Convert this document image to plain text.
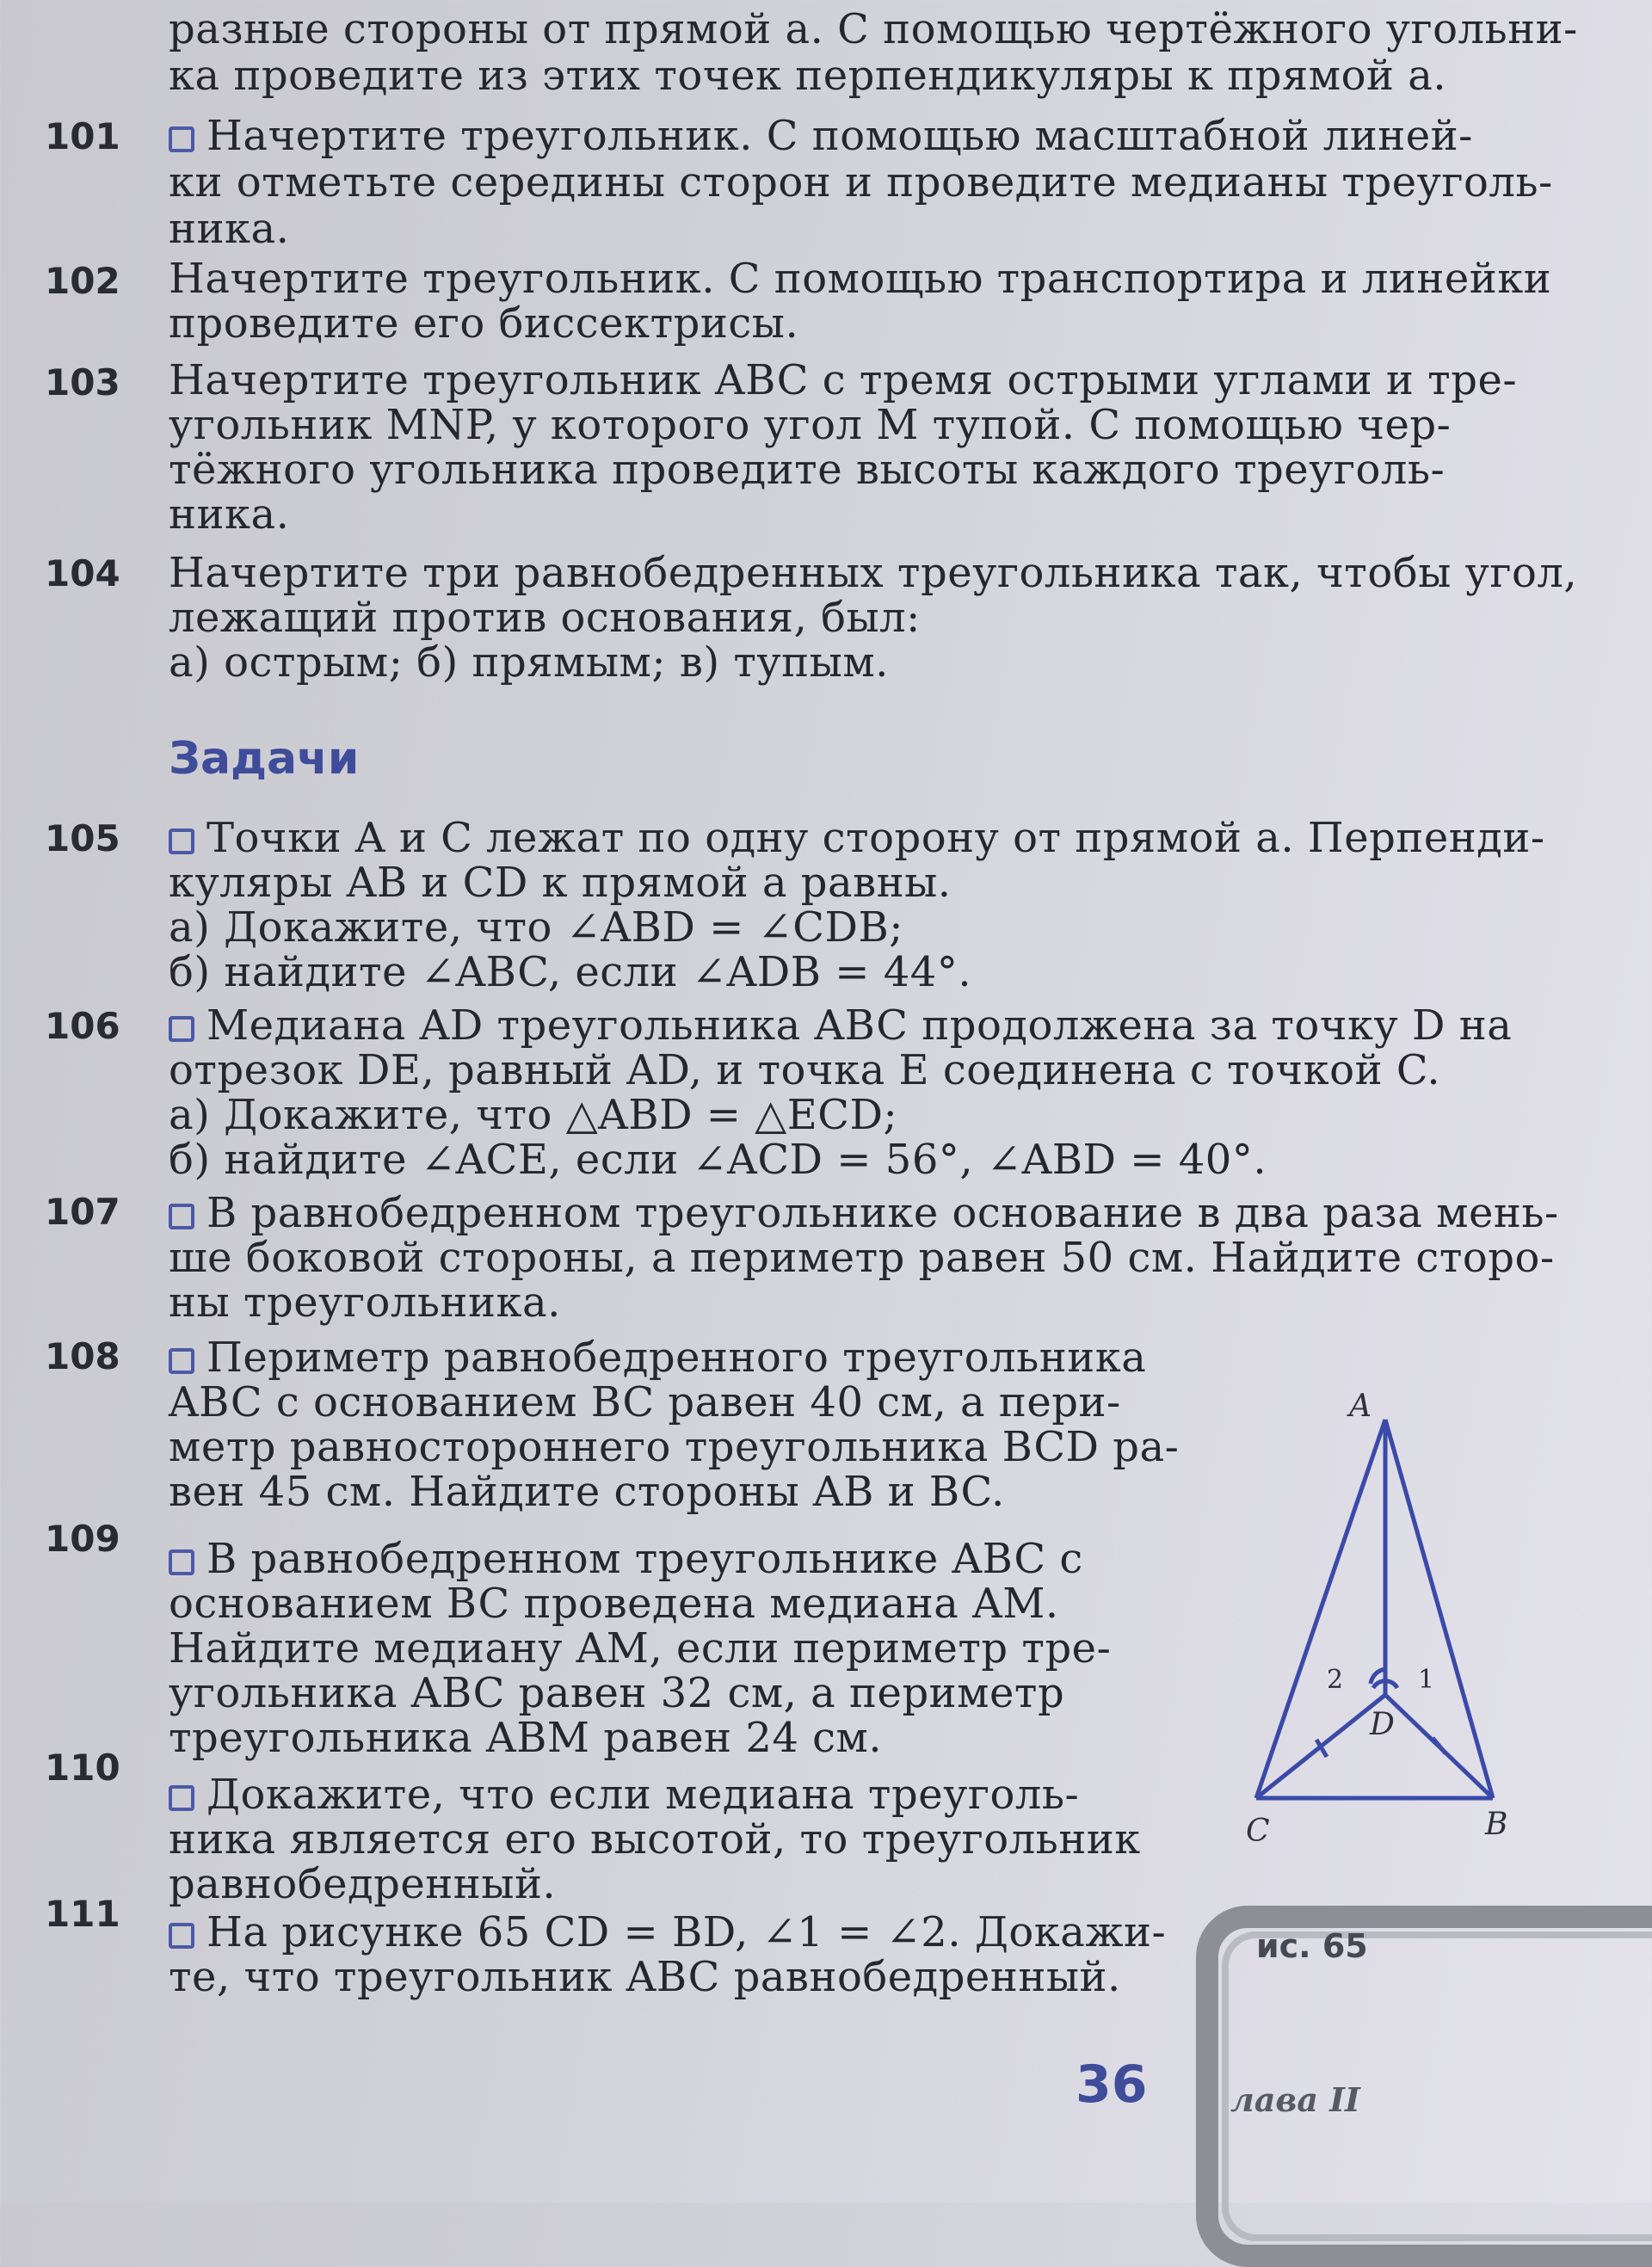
разные стороны от прямой a. С помощью чертёжного угольни-
ка проведите из этих точек перпендикуляры к прямой a.
101	Начертите треугольник. С помощью масштабной линей-
ки отметьте середины сторон и проведите медианы треуголь-
ника.
102 Начертите треугольник. С помощью транспортира и линейки
проведите его биссектрисы.
103 Начертите треугольник ABC с тремя острыми углами и тре-
угольник MNP, у которого угол M тупой. С помощью чер-
тёжного угольника проведите высоты каждого треуголь-
ника.
104 Начертите три равнобедренных треугольника так, чтобы угол,
лежащий против основания, был:
а) острым; б) прямым; в) тупым.
Задачи
105	Точки A и C лежат по одну сторону от прямой a. Перпенди-
куляры AB и CD к прямой a равны.
а) Докажите, что ∠ABD = ∠CDB;
б) найдите ∠ABC, если ∠ADB = 44°.
106	Медиана AD треугольника ABC продолжена за точку D на
отрезок DE, равный AD, и точка E соединена с точкой C.
а) Докажите, что △ABD = △ECD;
б) найдите ∠ACE, если ∠ACD = 56°, ∠ABD = 40°.
107	В равнобедренном треугольнике основание в два раза мень-
ше боковой стороны, а периметр равен 50 см. Найдите сторо-
ны треугольника.
108	Периметр равнобедренного треугольника
ABC с основанием BC равен 40 см, а пери-
метр равностороннего треугольника BCD ра-
вен 45 см. Найдите стороны AB и BC.
109	В равнобедренном треугольнике ABC с
основанием BC проведена медиана AM.
Найдите медиану AM, если периметр тре-
угольника ABC равен 32 см, а периметр
треугольника ABM равен 24 см.
110
Докажите, что если медиана треуголь-
ника является его высотой, то треугольник
равнобедренный.
111	На рисунке 65 CD = BD, ∠1 = ∠2. Докажи-
те, что треугольник ABC равнобедренный.
A
C	B
D
2	1
ис. 65
36	лава II
